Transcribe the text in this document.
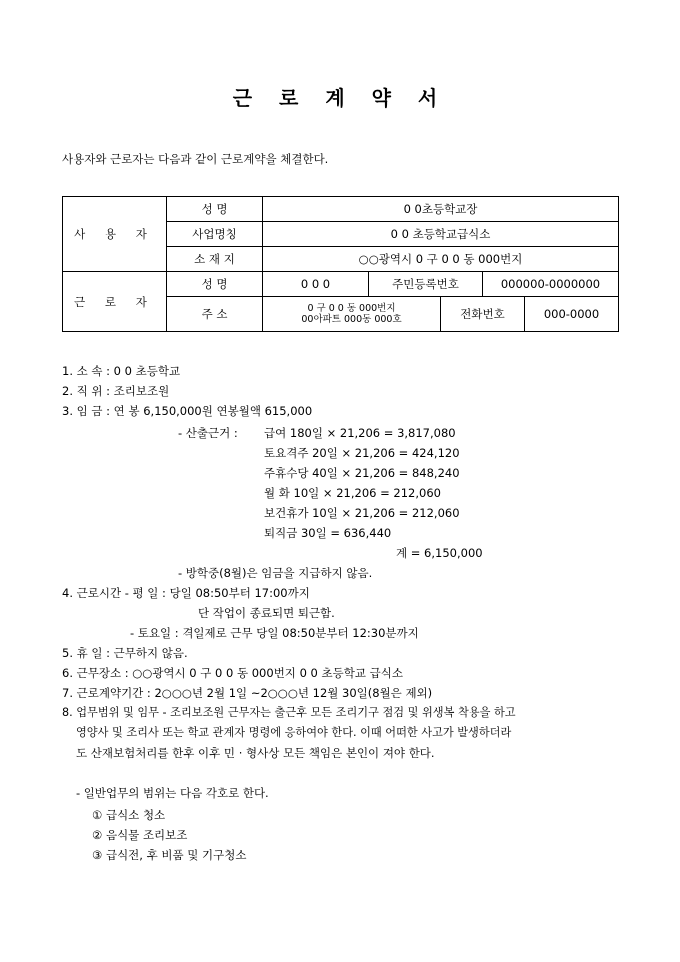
근 로 계 약 서
사용자와 근로자는 다음과 같이 근로계약을 체결한다.
사 용 자	성 명	0 0초등학교장				
	사업명칭	0 0 초등학교급식소				
	소 재 지	○○광역시 0 구 0 0 동 000번지				
근 로 자	성 명	0 0 0	주민등록번호		000000-0000000	
	주 소	0 구 0 0 동 000번지
00아파트 000동 000호		전화번호		000-0000
1. 소 속 : 0 0 초등학교
2. 직 위 : 조리보조원
3. 임 금 : 연 봉 6,150,000원 연봉월액 615,000
- 산출근거 : 급여 180일 × 21,206 = 3,817,080
토요격주 20일 × 21,206 = 424,120
주휴수당 40일 × 21,206 = 848,240
월 화 10일 × 21,206 = 212,060
보건휴가 10일 × 21,206 = 212,060
퇴직금 30일 = 636,440
계 = 6,150,000
- 방학중(8월)은 임금을 지급하지 않음.
4. 근로시간 - 평 일 : 당일 08:50부터 17:00까지
단 작업이 종료되면 퇴근함.
- 토요일 : 격일제로 근무 당일 08:50분부터 12:30분까지
5. 휴 일 : 근무하지 않음.
6. 근무장소 : ○○광역시 0 구 0 0 동 000번지 0 0 초등학교 급식소
7. 근로계약기간 : 2○○○년 2월 1일 ~2○○○년 12월 30일(8월은 제외)
8. 업무범위 및 임무 - 조리보조원 근무자는 출근후 모든 조리기구 점검 및 위생복 착용을 하고
영양사 및 조리사 또는 학교 관계자 명령에 응하여야 한다. 이때 어떠한 사고가 발생하더라
도 산재보험처리를 한후 이후 민 · 형사상 모든 책임은 본인이 져야 한다.
- 일반업무의 범위는 다음 각호로 한다.
① 급식소 청소
② 음식물 조리보조
③ 급식전, 후 비품 및 기구청소
